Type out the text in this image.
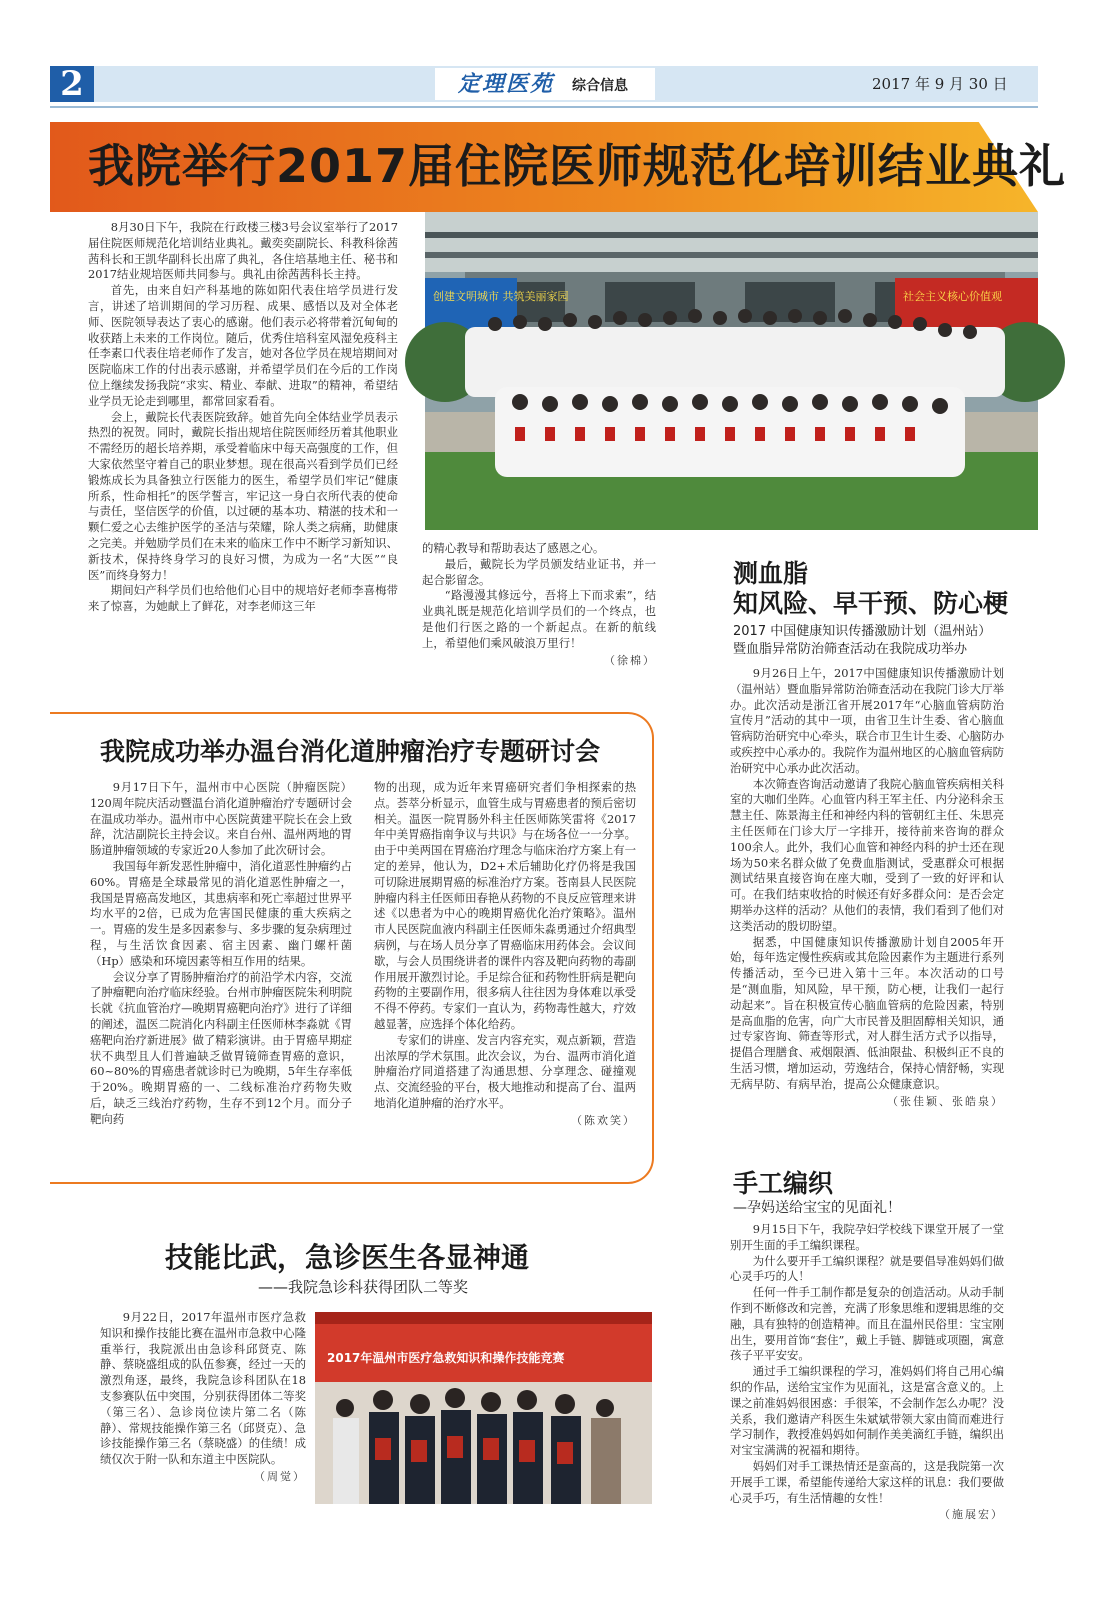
2	定理医苑 综合信息	2017 年 9 月 30 日
我院举行2017届住院医师规范化培训结业典礼
创建文明城市 共筑美丽家园	社会主义核心价值观

8月30日下午，我院在行政楼三楼3号会议室举行了2017届住院医师规范化培训结业典礼。戴奕奕副院长、科教科徐茜茜科长和王凯华副科长出席了典礼，各住培基地主任、秘书和2017结业规培医师共同参与。典礼由徐茜茜科长主持。

首先，由来自妇产科基地的陈如阳代表住培学员进行发言，讲述了培训期间的学习历程、成果、感悟以及对全体老师、医院领导表达了衷心的感谢。他们表示必将带着沉甸甸的收获踏上未来的工作岗位。随后，优秀住培科室风湿免疫科主任李素口代表住培老师作了发言，她对各位学员在规培期间对医院临床工作的付出表示感谢，并希望学员们在今后的工作岗位上继续发扬我院“求实、精业、奉献、进取”的精神，希望结业学员无论走到哪里，都常回家看看。

会上，戴院长代表医院致辞。她首先向全体结业学员表示热烈的祝贺。同时，戴院长指出规培住院医师经历着其他职业不需经历的超长培养期，承受着临床中每天高强度的工作，但大家依然坚守着自己的职业梦想。现在很高兴看到学员们已经锻炼成长为具备独立行医能力的医生，希望学员们牢记“健康所系，性命相托”的医学誓言，牢记这一身白衣所代表的使命与责任，坚信医学的价值，以过硬的基本功、精湛的技术和一颗仁爱之心去维护医学的圣洁与荣耀，除人类之病痛，助健康之完美。并勉励学员们在未来的临床工作中不断学习新知识、新技术，保持终身学习的良好习惯，为成为一名“大医”“良医”而终身努力！

期间妇产科学员们也给他们心目中的规培好老师李喜梅带来了惊喜，为她献上了鲜花，对李老师这三年

的精心教导和帮助表达了感恩之心。

最后，戴院长为学员颁发结业证书，并一起合影留念。

“路漫漫其修远兮，吾将上下而求索”，结业典礼既是规范化培训学员们的一个终点，也是他们行医之路的一个新起点。在新的航线上，希望他们乘风破浪万里行！

（徐棉）

测血脂
知风险、早干预、防心梗
2017 中国健康知识传播激励计划（温州站）
暨血脂异常防治筛查活动在我院成功举办

9月26日上午，2017中国健康知识传播激励计划（温州站）暨血脂异常防治筛查活动在我院门诊大厅举办。此次活动是浙江省开展2017年“心脑血管病防治宣传月”活动的其中一项，由省卫生计生委、省心脑血管病防治研究中心牵头，联合市卫生计生委、心脑防办或疾控中心承办的。我院作为温州地区的心脑血管病防治研究中心承办此次活动。

本次筛查咨询活动邀请了我院心脑血管疾病相关科室的大咖们坐阵。心血管内科王军主任、内分泌科余玉慧主任、陈景海主任和神经内科的管朝红主任、朱思亮主任医师在门诊大厅一字排开，接待前来咨询的群众100余人。此外，我们心血管和神经内科的护士还在现场为50来名群众做了免费血脂测试，受惠群众可根据测试结果直接咨询在座大咖，受到了一致的好评和认可。在我们结束收拾的时候还有好多群众问：是否会定期举办这样的活动？从他们的表情，我们看到了他们对这类活动的殷切盼望。

据悉，中国健康知识传播激励计划自2005年开始，每年选定慢性疾病或其危险因素作为主题进行系列传播活动，至今已进入第十三年。本次活动的口号是“测血脂，知风险，早干预，防心梗，让我们一起行动起来”。旨在积极宣传心脑血管病的危险因素，特别是高血脂的危害，向广大市民普及胆固醇相关知识，通过专家咨询、筛查等形式，对人群生活方式予以指导，提倡合理膳食、戒烟限酒、低油限盐、积极纠正不良的生活习惯，增加运动，劳逸结合，保持心情舒畅，实现无病早防、有病早治，提高公众健康意识。

（张佳颖、张皓泉）

我院成功举办温台消化道肿瘤治疗专题研讨会

9月17日下午，温州市中心医院（肿瘤医院）120周年院庆活动暨温台消化道肿瘤治疗专题研讨会在温成功举办。温州市中心医院黄建平院长在会上致辞，沈洁副院长主持会议。来自台州、温州两地的胃肠道肿瘤领域的专家近20人参加了此次研讨会。

我国每年新发恶性肿瘤中，消化道恶性肿瘤约占60%。胃癌是全球最常见的消化道恶性肿瘤之一，我国是胃癌高发地区，其患病率和死亡率超过世界平均水平的2倍，已成为危害国民健康的重大疾病之一。胃癌的发生是多因素参与、多步骤的复杂病理过程，与生活饮食因素、宿主因素、幽门螺杆菌（Hp）感染和环境因素等相互作用的结果。

会议分享了胃肠肿瘤治疗的前沿学术内容，交流了肿瘤靶向治疗临床经验。台州市肿瘤医院朱利明院长就《抗血管治疗—晚期胃癌靶向治疗》进行了详细的阐述，温医二院消化内科副主任医师林李淼就《胃癌靶向治疗新进展》做了精彩演讲。由于胃癌早期症状不典型且人们普遍缺乏做胃镜筛查胃癌的意识，60~80%的胃癌患者就诊时已为晚期，5年生存率低于20%。晚期胃癌的一、二线标准治疗药物失败后，缺乏三线治疗药物，生存不到12个月。而分子靶向药

物的出现，成为近年来胃癌研究者们争相探索的热点。荟萃分析显示，血管生成与胃癌患者的预后密切相关。温医一院胃肠外科主任医师陈笑雷将《2017年中美胃癌指南争议与共识》与在场各位一一分享。由于中美两国在胃癌治疗理念与临床治疗方案上有一定的差异，他认为，D2+术后辅助化疗仍将是我国可切除进展期胃癌的标准治疗方案。苍南县人民医院肿瘤内科主任医师田春艳从药物的不良反应管理来讲述《以患者为中心的晚期胃癌优化治疗策略》。温州市人民医院血液内科副主任医师朱淼勇通过介绍典型病例，与在场人员分享了胃癌临床用药体会。会议间歇，与会人员围绕讲者的课件内容及靶向药物的毒副作用展开激烈讨论。手足综合征和药物性肝病是靶向药物的主要副作用，很多病人往往因为身体难以承受不得不停药。专家们一直认为，药物毒性越大，疗效越显著，应选择个体化给药。

专家们的讲座、发言内容充实，观点新颖，营造出浓厚的学术氛围。此次会议，为台、温两市消化道肿瘤治疗同道搭建了沟通思想、分享理念、碰撞观点、交流经验的平台，极大地推动和提高了台、温两地消化道肿瘤的治疗水平。

（陈欢笑）

技能比武，急诊医生各显神通
——我院急诊科获得团队二等奖

9月22日，2017年温州市医疗急救知识和操作技能比赛在温州市急救中心隆重举行，我院派出由急诊科邱贤克、陈静、蔡晓盛组成的队伍参赛，经过一天的激烈角逐，最终，我院急诊科团队在18支参赛队伍中突围，分别获得团体二等奖（第三名）、急诊岗位读片第二名（陈静）、常规技能操作第三名（邱贤克）、急诊技能操作第三名（蔡晓盛）的佳绩！成绩仅次于附一队和东道主中医院队。

（周觉）

2017年温州市医疗急救知识和操作技能竞赛
手工编织
—孕妈送给宝宝的见面礼！

9月15日下午，我院孕妇学校线下课堂开展了一堂别开生面的手工编织课程。

为什么要开手工编织课程？就是要倡导准妈妈们做心灵手巧的人！

任何一件手工制作都是复杂的创造活动。从动手制作到不断修改和完善，充满了形象思维和逻辑思维的交融，具有独特的创造精神。而且在温州民俗里：宝宝刚出生，要用首饰“套住”，戴上手链、脚链或项圈，寓意孩子平平安安。

通过手工编织课程的学习，准妈妈们将自己用心编织的作品，送给宝宝作为见面礼，这是富含意义的。上课之前准妈妈很困惑：手很笨，不会制作怎么办呢？没关系，我们邀请产科医生朱斌斌带领大家由简而难进行学习制作，教授准妈妈如何制作美美滴红手链，编织出对宝宝满满的祝福和期待。

妈妈们对手工课热情还是蛮高的，这是我院第一次开展手工课，希望能传递给大家这样的讯息：我们要做心灵手巧，有生活情趣的女性！

（施展宏）
